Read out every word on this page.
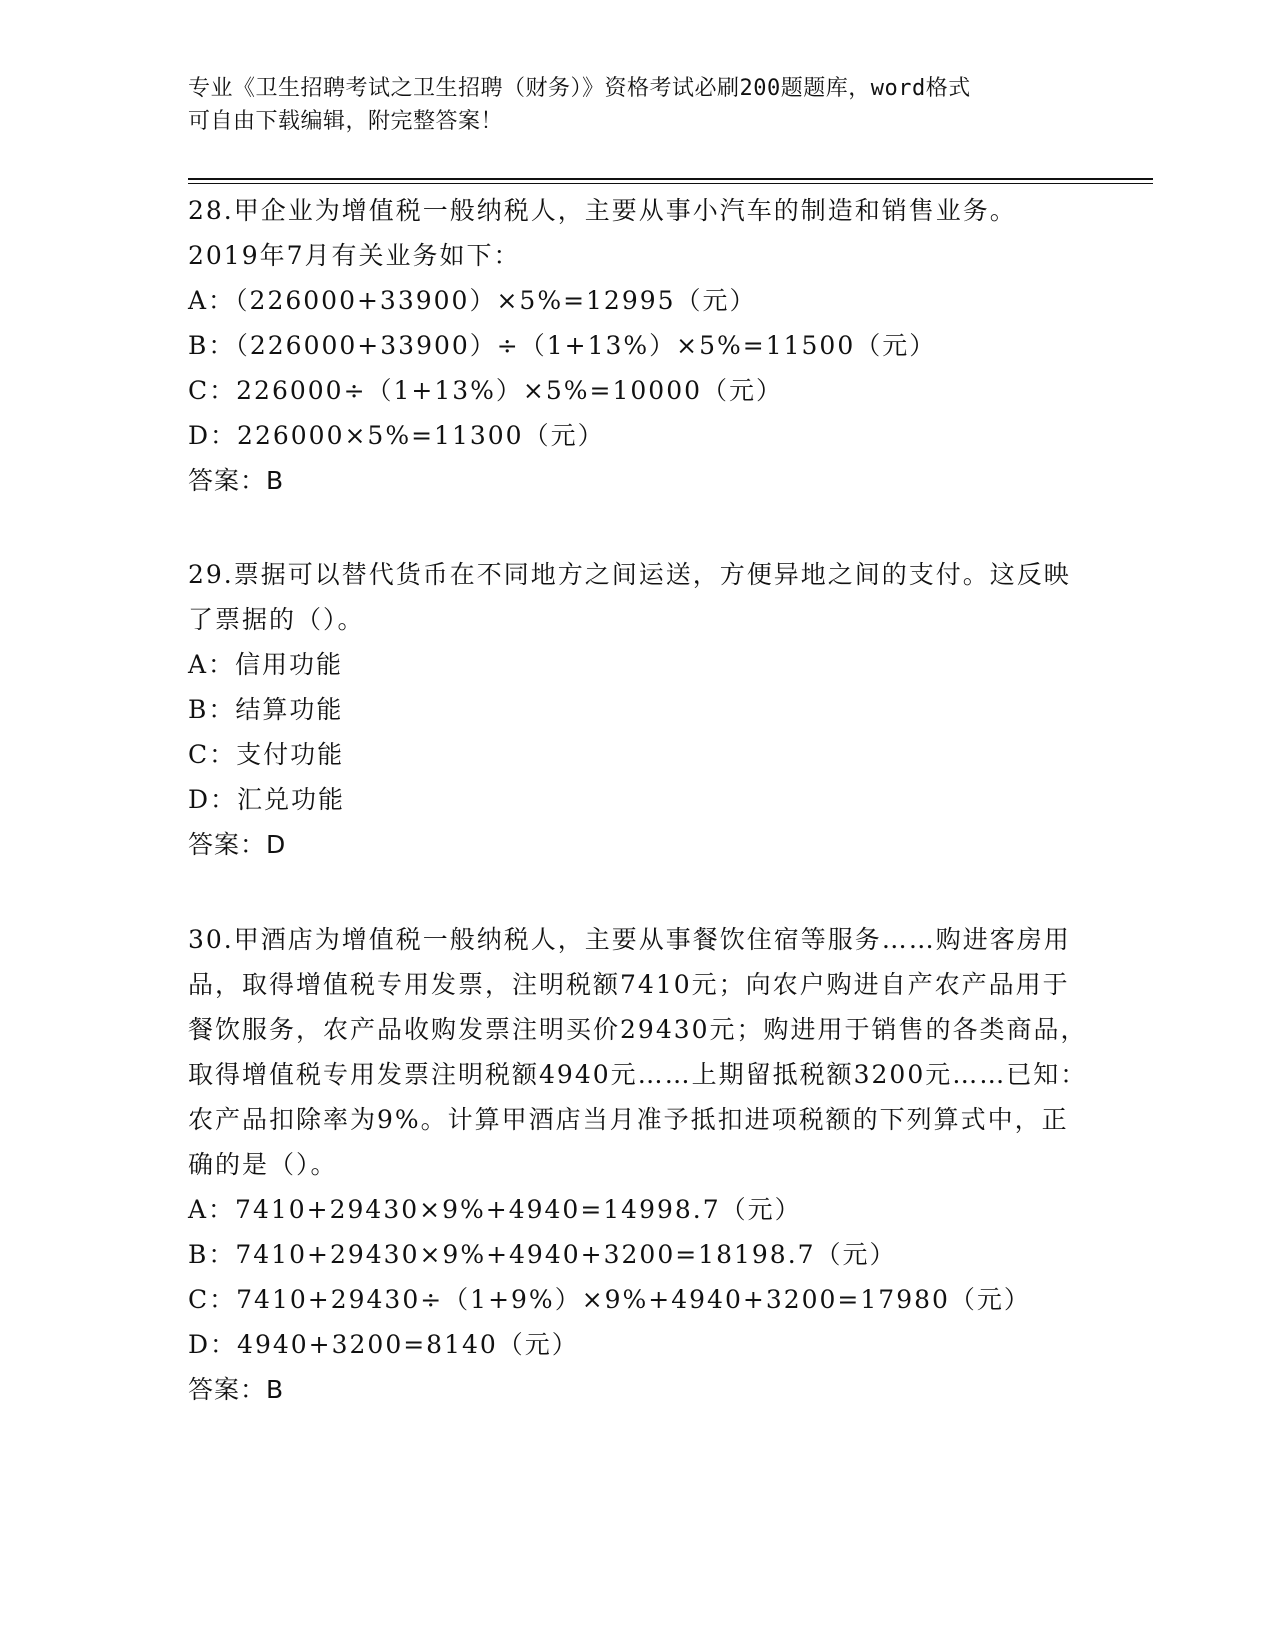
专业《卫生招聘考试之卫生招聘（财务）》资格考试必刷200题题库，word格式

可自由下载编辑，附完整答案！

28.甲企业为增值税一般纳税人，主要从事小汽车的制造和销售业务。2019年7月有关业务如下：

A：（226000+33900）×5%=12995（元）

B：（226000+33900）÷（1+13%）×5%=11500（元）

C：226000÷（1+13%）×5%=10000（元）

D：226000×5%=11300（元）

答案：B

29.票据可以替代货币在不同地方之间运送，方便异地之间的支付。这反映了票据的（）。

A：信用功能

B：结算功能

C：支付功能

D：汇兑功能

答案：D

30.甲酒店为增值税一般纳税人，主要从事餐饮住宿等服务……购进客房用品，取得增值税专用发票，注明税额7410元；向农户购进自产农产品用于餐饮服务，农产品收购发票注明买价29430元；购进用于销售的各类商品，取得增值税专用发票注明税额4940元……上期留抵税额3200元……已知：农产品扣除率为9%。计算甲酒店当月准予抵扣进项税额的下列算式中，正确的是（）。

A：7410+29430×9%+4940=14998.7（元）

B：7410+29430×9%+4940+3200=18198.7（元）

C：7410+29430÷（1+9%）×9%+4940+3200=17980（元）

D：4940+3200=8140（元）

答案：B
